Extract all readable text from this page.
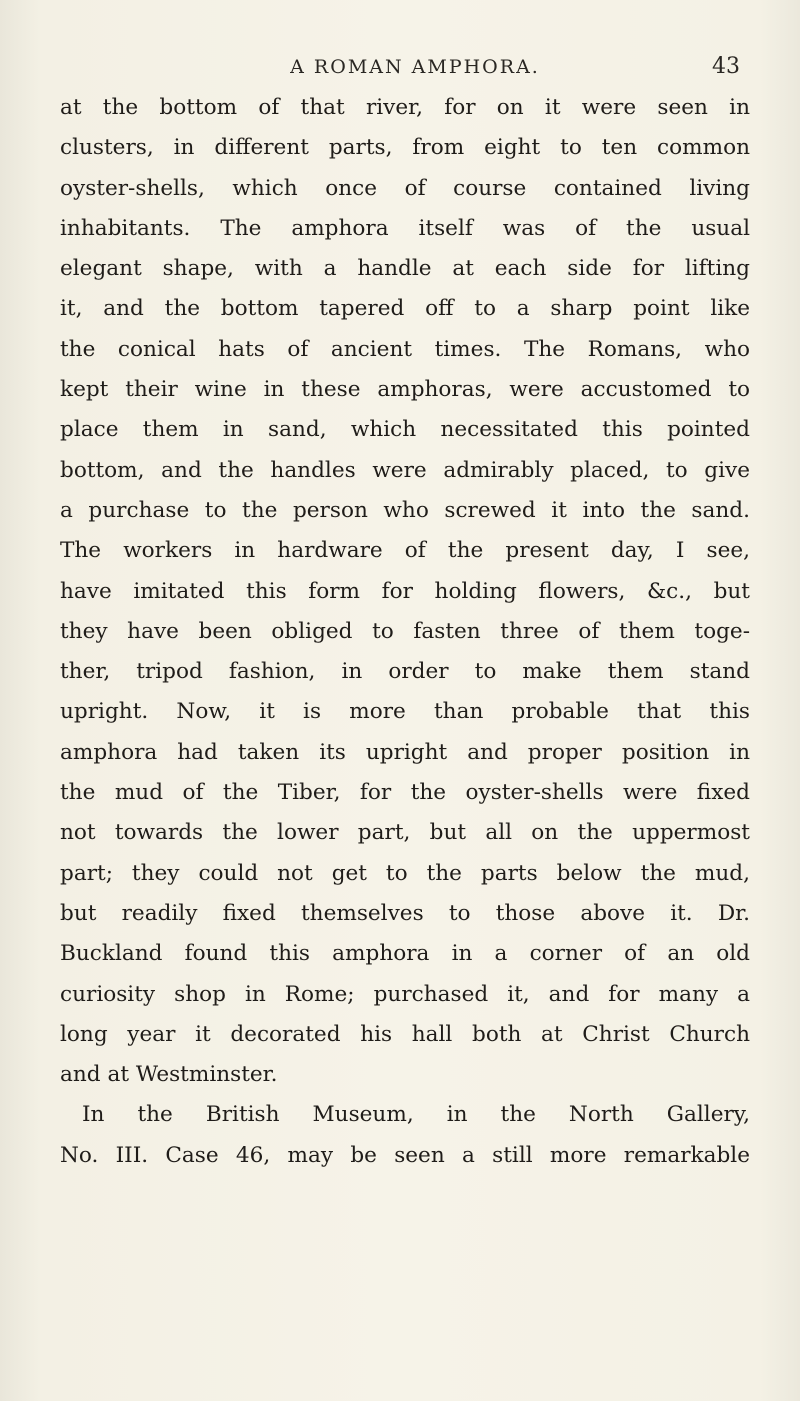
A ROMAN AMPHORA.	43
at the bottom of that river, for on it were seen in
clusters, in different parts, from eight to ten common
oyster-shells, which once of course contained living
inhabitants. The amphora itself was of the usual
elegant shape, with a handle at each side for lifting
it, and the bottom tapered off to a sharp point like
the conical hats of ancient times. The Romans, who
kept their wine in these amphoras, were accustomed to
place them in sand, which necessitated this pointed
bottom, and the handles were admirably placed, to give
a purchase to the person who screwed it into the sand.
The workers in hardware of the present day, I see,
have imitated this form for holding flowers, &c., but
they have been obliged to fasten three of them toge-
ther, tripod fashion, in order to make them stand
upright. Now, it is more than probable that this
amphora had taken its upright and proper position in
the mud of the Tiber, for the oyster-shells were fixed
not towards the lower part, but all on the uppermost
part; they could not get to the parts below the mud,
but readily fixed themselves to those above it. Dr.
Buckland found this amphora in a corner of an old
curiosity shop in Rome; purchased it, and for many a
long year it decorated his hall both at Christ Church
and at Westminster.
In the British Museum, in the North Gallery,
No. III. Case 46, may be seen a still more remarkable
